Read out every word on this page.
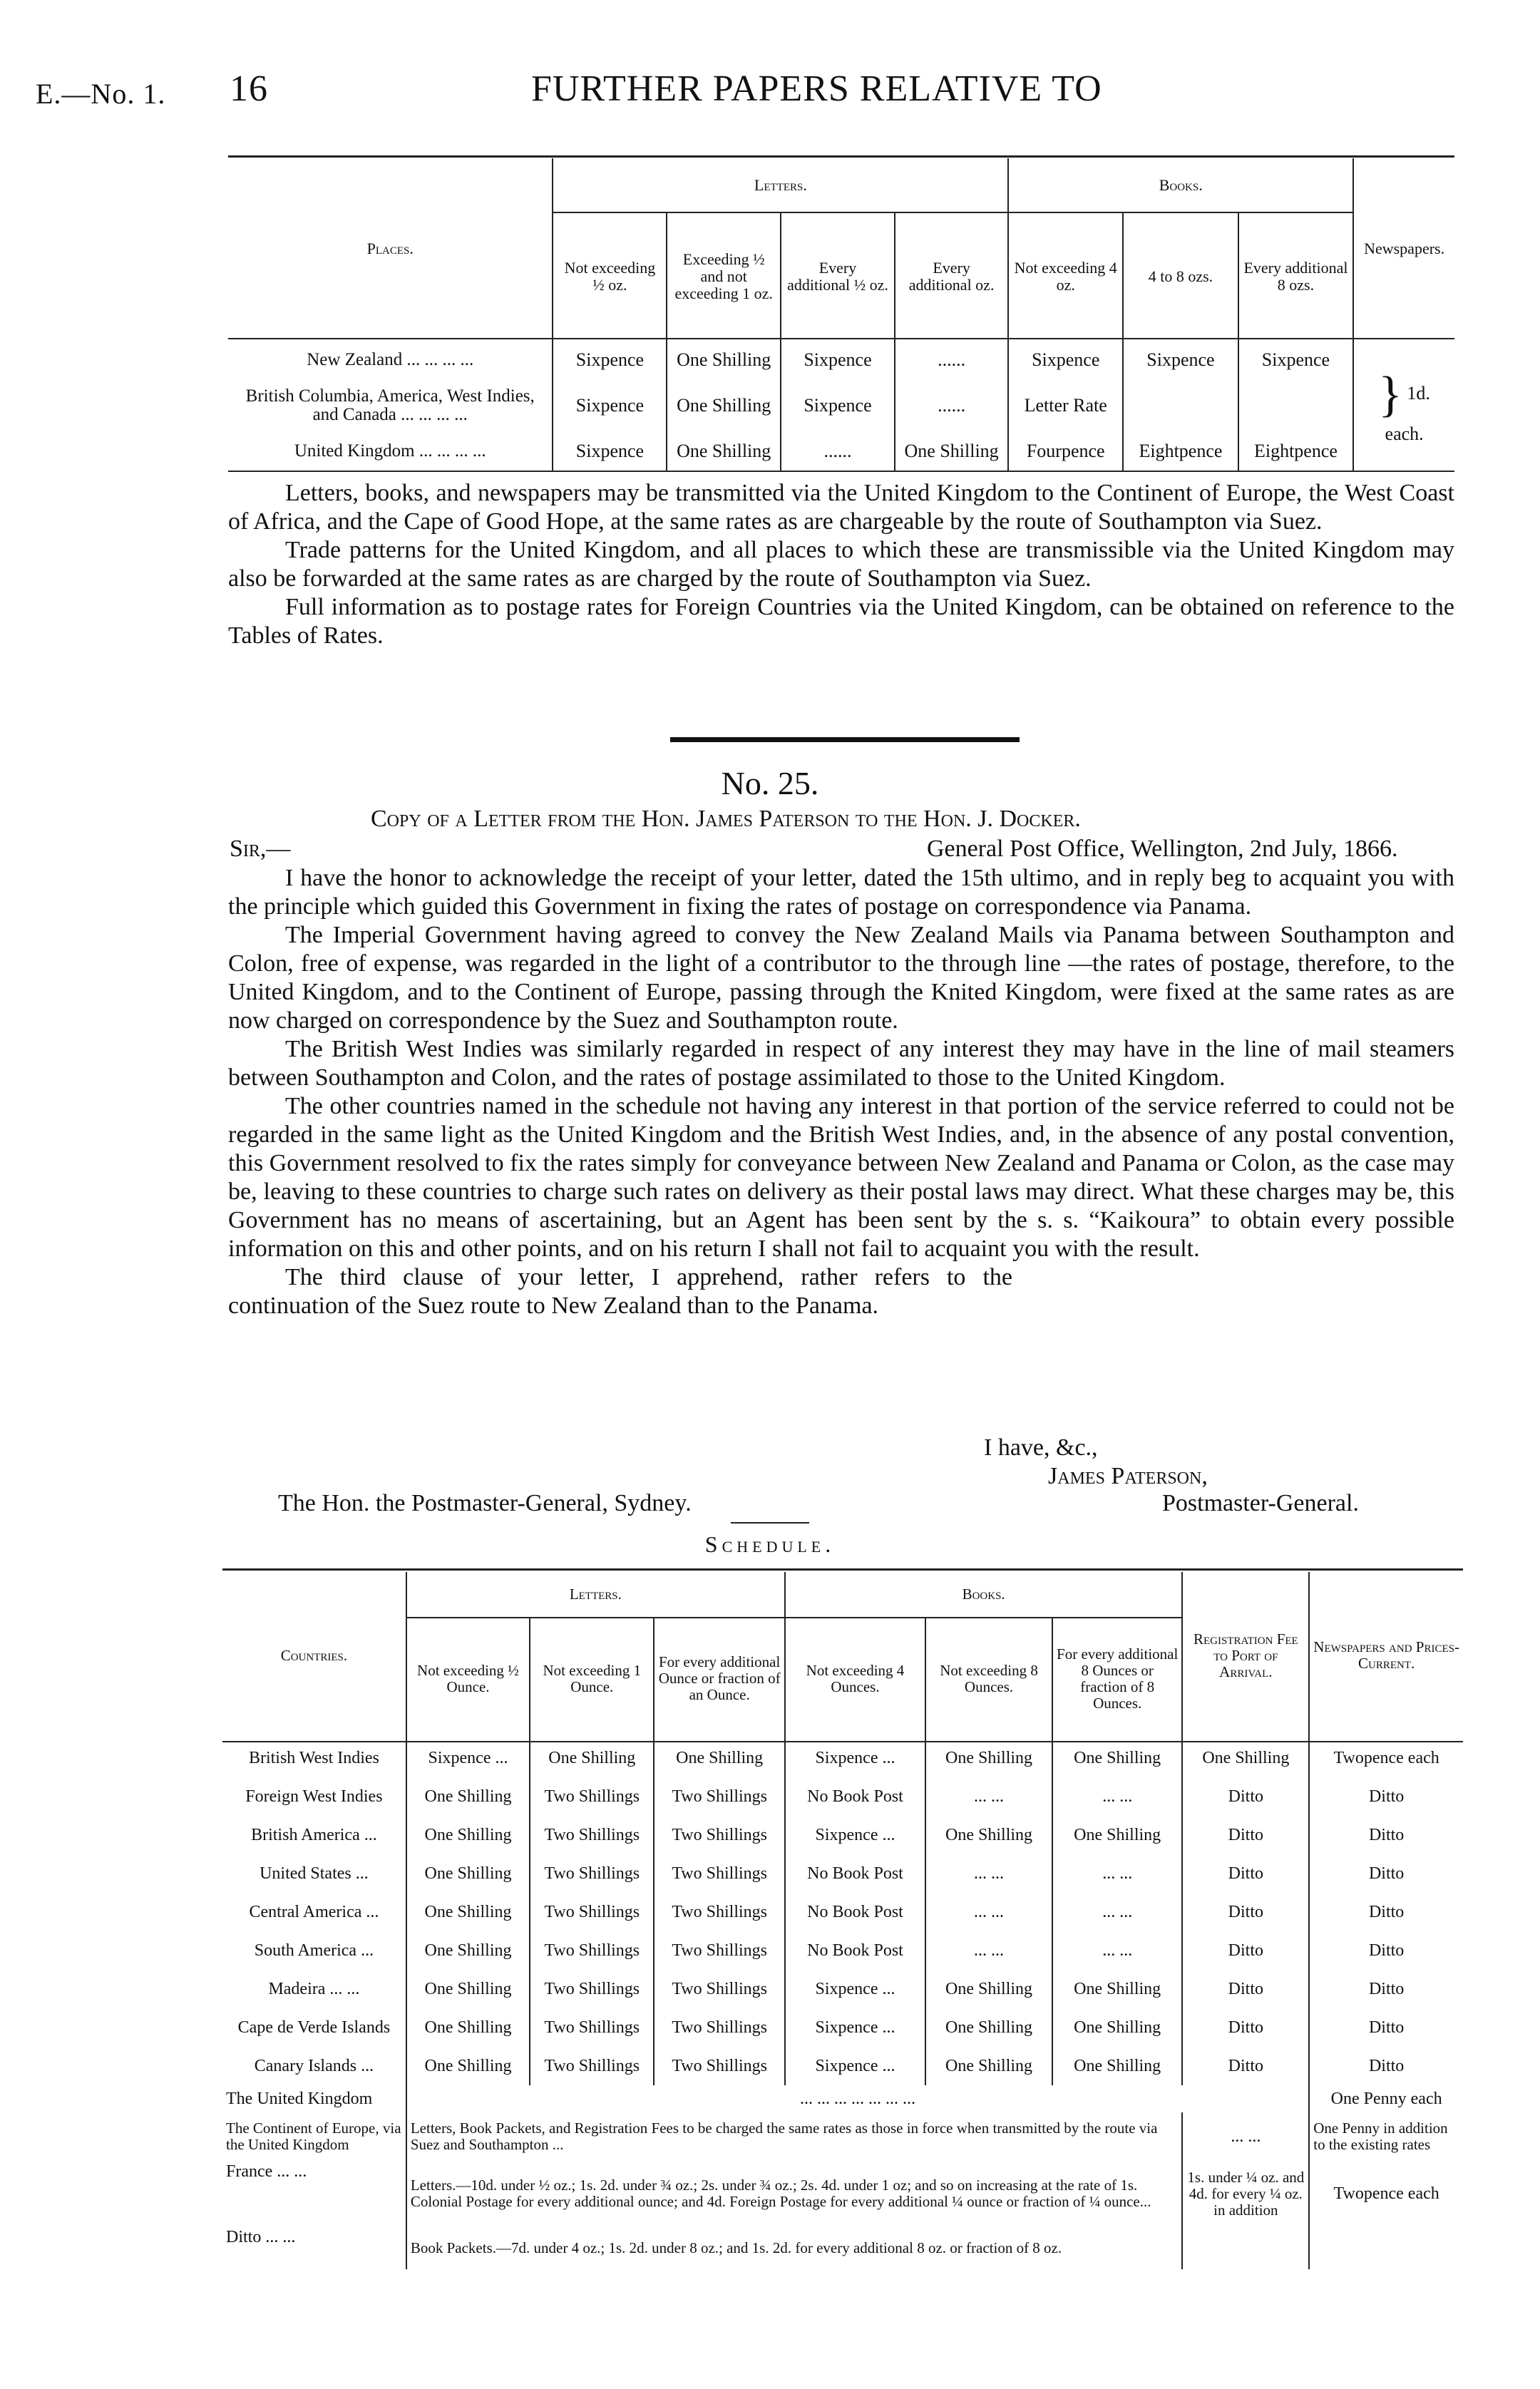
E.—No. 1. 16	FURTHER PAPERS RELATIVE TO
Places.	Letters.				Books.			Newspapers.
	Not exceeding ½ oz.	Exceeding ½ and not exceeding 1 oz.	Every additional ½ oz.	Every additional oz.	Not exceeding 4 oz.	4 to 8 ozs.	Every additional 8 ozs.	
New Zealand ... ... ... ...	Sixpence	One Shilling	Sixpence	......	Sixpence	Sixpence	Sixpence	} 1d. each.
British Columbia, America, West Indies, and Canada ... ... ... ...	Sixpence	One Shilling	Sixpence	......	Letter Rate			
United Kingdom ... ... ... ...	Sixpence	One Shilling	......	One Shilling	Fourpence	Eightpence	Eightpence	

Letters, books, and newspapers may be transmitted via the United Kingdom to the Continent of Europe, the West Coast of Africa, and the Cape of Good Hope, at the same rates as are chargeable by the route of Southampton via Suez.

Trade patterns for the United Kingdom, and all places to which these are transmissible via the United Kingdom may also be forwarded at the same rates as are charged by the route of Southampton via Suez.

Full information as to postage rates for Foreign Countries via the United Kingdom, can be obtained on reference to the Tables of Rates.

No. 25.
Copy of a Letter from the Hon. James Paterson to the Hon. J. Docker.
Sir,—	General Post Office, Wellington, 2nd July, 1866.

I have the honor to acknowledge the receipt of your letter, dated the 15th ultimo, and in reply beg to acquaint you with the principle which guided this Government in fixing the rates of postage on correspondence via Panama.

The Imperial Government having agreed to convey the New Zealand Mails via Panama between Southampton and Colon, free of expense, was regarded in the light of a contributor to the through line —the rates of postage, therefore, to the United Kingdom, and to the Continent of Europe, passing through the Knited Kingdom, were fixed at the same rates as are now charged on correspondence by the Suez and Southampton route.

The British West Indies was similarly regarded in respect of any interest they may have in the line of mail steamers between Southampton and Colon, and the rates of postage assimilated to those to the United Kingdom.

The other countries named in the schedule not having any interest in that portion of the service referred to could not be regarded in the same light as the United Kingdom and the British West Indies, and, in the absence of any postal convention, this Government resolved to fix the rates simply for conveyance between New Zealand and Panama or Colon, as the case may be, leaving to these countries to charge such rates on delivery as their postal laws may direct. What these charges may be, this Government has no means of ascertaining, but an Agent has been sent by the s. s. “Kaikoura” to obtain every possible information on this and other points, and on his return I shall not fail to acquaint you with the result.

The third clause of your letter, I apprehend, rather refers to the continuation of the Suez route to New Zealand than to the Panama.

I have, &c.,
James Paterson,
The Hon. the Postmaster-General, Sydney.	Postmaster-General.
Schedule.
Countries.	Letters.			Books.			Registration Fee to Port of Arrival.	Newspapers and Prices-Current.
	Not exceeding ½ Ounce.	Not exceeding 1 Ounce.	For every additional Ounce or fraction of an Ounce.	Not exceeding 4 Ounces.	Not exceeding 8 Ounces.	For every additional 8 Ounces or fraction of 8 Ounces.		
British West Indies	Sixpence ...	One Shilling	One Shilling	Sixpence ...	One Shilling	One Shilling	One Shilling	Twopence each
Foreign West Indies	One Shilling	Two Shillings	Two Shillings	No Book Post	... ...	... ...	Ditto	Ditto
British America ...	One Shilling	Two Shillings	Two Shillings	Sixpence ...	One Shilling	One Shilling	Ditto	Ditto
United States ...	One Shilling	Two Shillings	Two Shillings	No Book Post	... ...	... ...	Ditto	Ditto
Central America ...	One Shilling	Two Shillings	Two Shillings	No Book Post	... ...	... ...	Ditto	Ditto
South America ...	One Shilling	Two Shillings	Two Shillings	No Book Post	... ...	... ...	Ditto	Ditto
Madeira ... ...	One Shilling	Two Shillings	Two Shillings	Sixpence ...	One Shilling	One Shilling	Ditto	Ditto
Cape de Verde Islands	One Shilling	Two Shillings	Two Shillings	Sixpence ...	One Shilling	One Shilling	Ditto	Ditto
Canary Islands ...	One Shilling	Two Shillings	Two Shillings	Sixpence ...	One Shilling	One Shilling	Ditto	Ditto
The United Kingdom	... ... ... ... ... ... ...							One Penny each
The Continent of Europe, via the United Kingdom	Letters, Book Packets, and Registration Fees to be charged the same rates as those in force when transmitted by the route via Suez and Southampton ...						... ...	One Penny in addition to the existing rates
France ... ...	Letters.—10d. under ½ oz.; 1s. 2d. under ¾ oz.; 2s. under ¾ oz.; 2s. 4d. under 1 oz; and so on increasing at the rate of 1s. Colonial Postage for every additional ounce; and 4d. Foreign Postage for every additional ¼ ounce or fraction of ¼ ounce...						1s. under ¼ oz. and 4d. for every ¼ oz. in addition	Twopence each
Ditto ... ...	Book Packets.—7d. under 4 oz.; 1s. 2d. under 8 oz.; and 1s. 2d. for every additional 8 oz. or fraction of 8 oz.							
